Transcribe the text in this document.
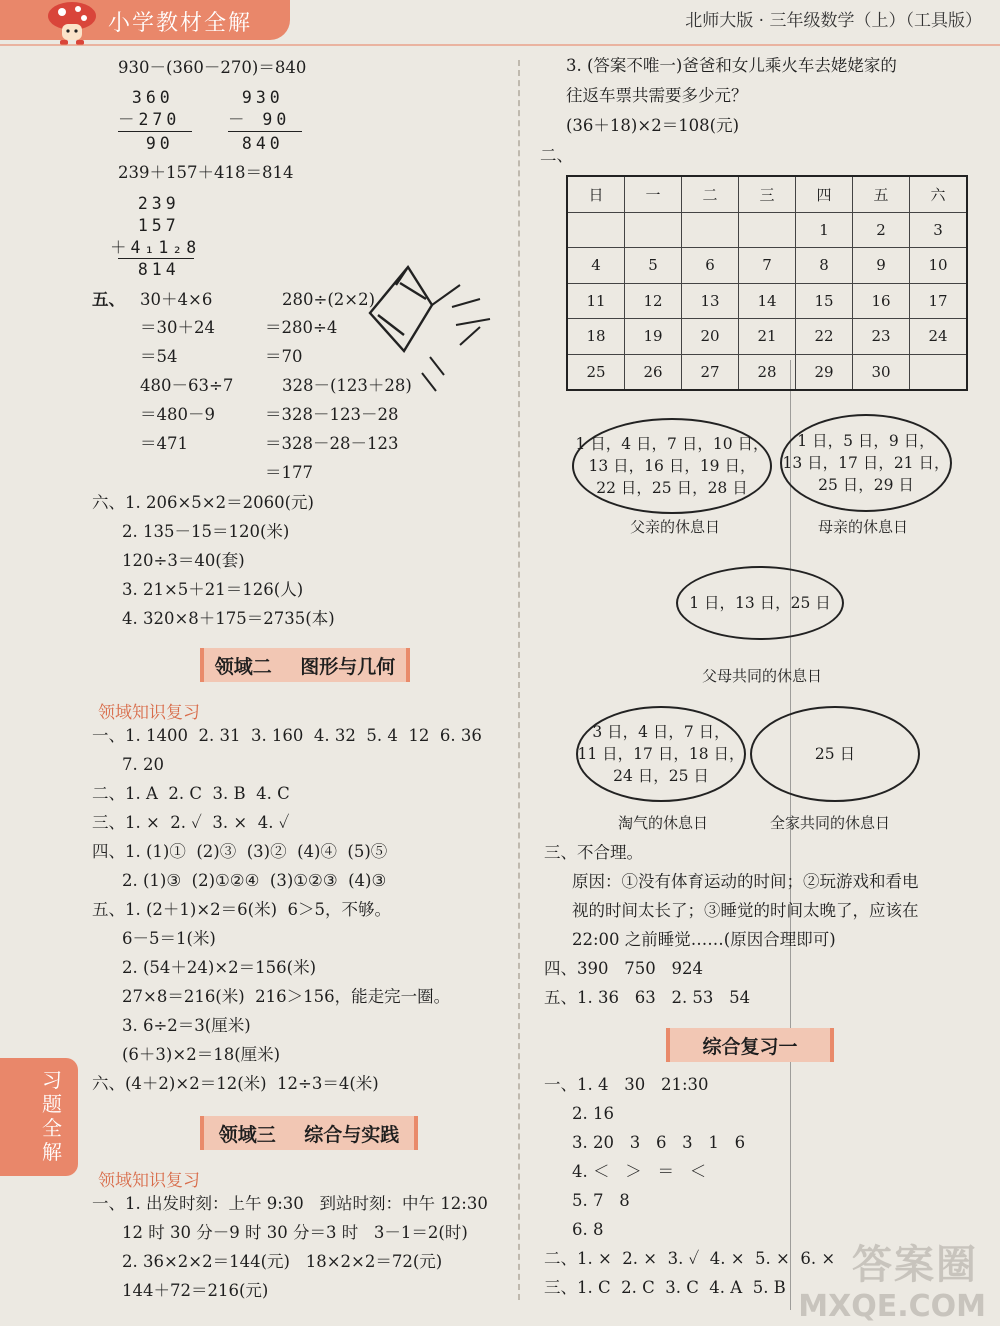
小学教材全解	北师大版 · 三年级数学（上）（工具版）
930－(360－270)＝840
360
－270
90
930
－ 90
840
239＋157＋418＝814
239
157
＋4₁1₂8
814
五、 30＋4×6
＝30＋24
＝54
480－63÷7
＝480－9
＝471
280÷(2×2)
＝280÷4
＝70
328－(123＋28)
＝328－123－28
＝328－28－123
＝177
六、1. 206×5×2＝2060(元)
2. 135－15＝120(米)
120÷3＝40(套)
3. 21×5＋21＝126(人)
4. 320×8＋175＝2735(本)
领域二 图形与几何
领域知识复习
一、1. 1400  2. 31  3. 160  4. 32  5. 4  12  6. 36
7. 20
二、1. A  2. C  3. B  4. C
三、1. ×  2. ✓  3. ×  4. ✓
四、1. (1)①  (2)③  (3)②  (4)④  (5)⑤
2. (1)③  (2)①②④  (3)①②③  (4)③
五、1. (2＋1)×2＝6(米)  6＞5，不够。
6－5＝1(米)
2. (54＋24)×2＝156(米)
27×8＝216(米)  216＞156，能走完一圈。
3. 6÷2＝3(厘米)
(6＋3)×2＝18(厘米)
六、(4＋2)×2＝12(米)  12÷3＝4(米)
领域三 综合与实践
领域知识复习
一、1. 出发时刻：上午 9:30   到站时刻：中午 12:30
12 时 30 分－9 时 30 分＝3 时   3－1＝2(时)
2. 36×2×2＝144(元)   18×2×2＝72(元)
144＋72＝216(元)
习
题
全
解
3. (答案不唯一)爸爸和女儿乘火车去姥姥家的
往返车票共需要多少元？
(36＋18)×2＝108(元)
二、
日	一	二	三	四	五	六
				1	2	3
4	5	6	7	8	9	10
11	12	13	14	15	16	17
18	19	20	21	22	23	24
25	26	27	28	29	30	
1 日，4 日，7 日，10 日，
13 日，16 日，19 日，
22 日，25 日，28 日
父亲的休息日
1 日，5 日，9 日，
13 日，17 日，21 日，
25 日，29 日
母亲的休息日
1 日，13 日，25 日
父母共同的休息日
3 日，4 日，7 日，
11 日，17 日，18 日，
24 日，25 日
淘气的休息日
25 日
全家共同的休息日
三、不合理。
原因：①没有体育运动的时间；②玩游戏和看电
视的时间太长了；③睡觉的时间太晚了，应该在
22:00 之前睡觉……(原因合理即可)
四、390   750   924
五、1. 36   63   2. 53   54
综合复习一
一、1. 4   30   21:30
2. 16
3. 20   3   6   3   1   6
4. ＜   ＞   ＝   ＜
5. 7   8
6. 8
二、1. ×  2. ×  3. ✓  4. ×  5. ×  6. ×
三、1. C  2. C  3. C  4. A  5. B 答案圈
MXQE.COM
